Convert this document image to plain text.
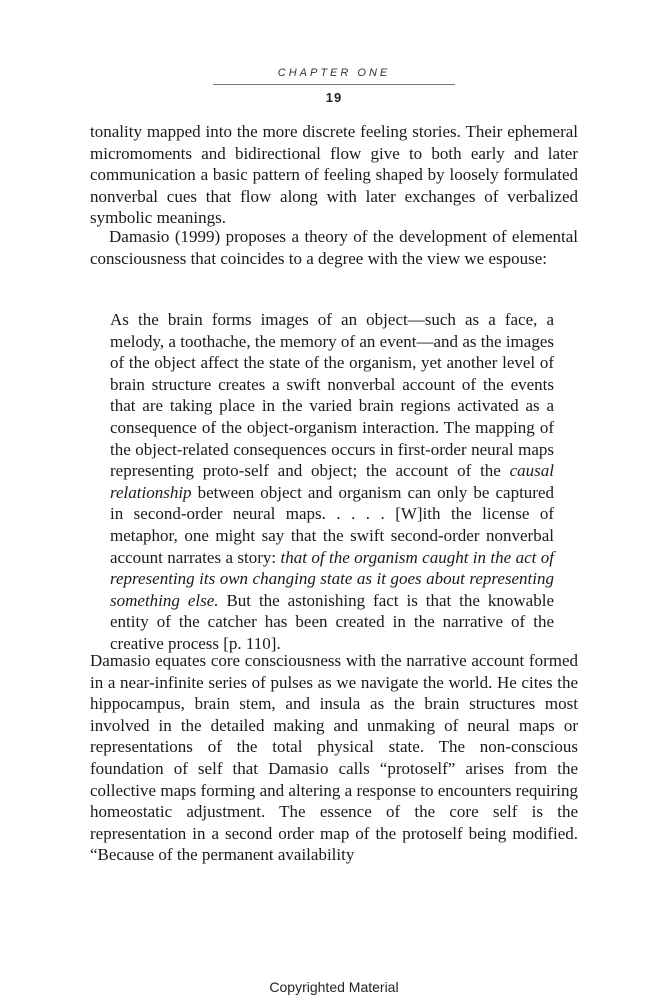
CHAPTER ONE
19

tonality mapped into the more discrete feeling stories. Their ephemeral micromoments and bidirectional flow give to both early and later communication a basic pattern of feeling shaped by loosely formulated nonverbal cues that flow along with later exchanges of verbalized symbolic meanings.

Damasio (1999) proposes a theory of the development of elemental consciousness that coincides to a degree with the view we espouse:

As the brain forms images of an object—such as a face, a melody, a toothache, the memory of an event—and as the images of the object affect the state of the organism, yet another level of brain structure creates a swift nonverbal account of the events that are taking place in the varied brain regions activated as a consequence of the object-organism interaction. The mapping of the object-related consequences occurs in first-order neural maps representing proto-self and object; the account of the causal relationship between object and organism can only be captured in second-order neural maps. . . . . [W]ith the license of metaphor, one might say that the swift second-order nonverbal account narrates a story: that of the organism caught in the act of representing its own changing state as it goes about representing something else. But the astonishing fact is that the knowable entity of the catcher has been created in the narrative of the creative process [p. 110].

Damasio equates core consciousness with the narrative account formed in a near-infinite series of pulses as we navigate the world. He cites the hippocampus, brain stem, and insula as the brain structures most involved in the detailed making and unmaking of neural maps or representations of the total physical state. The non-conscious foundation of self that Damasio calls “protoself” arises from the collective maps forming and altering a response to encounters requiring homeostatic adjustment. The essence of the core self is the representation in a second order map of the protoself being modified. “Because of the permanent availability

Copyrighted Material
